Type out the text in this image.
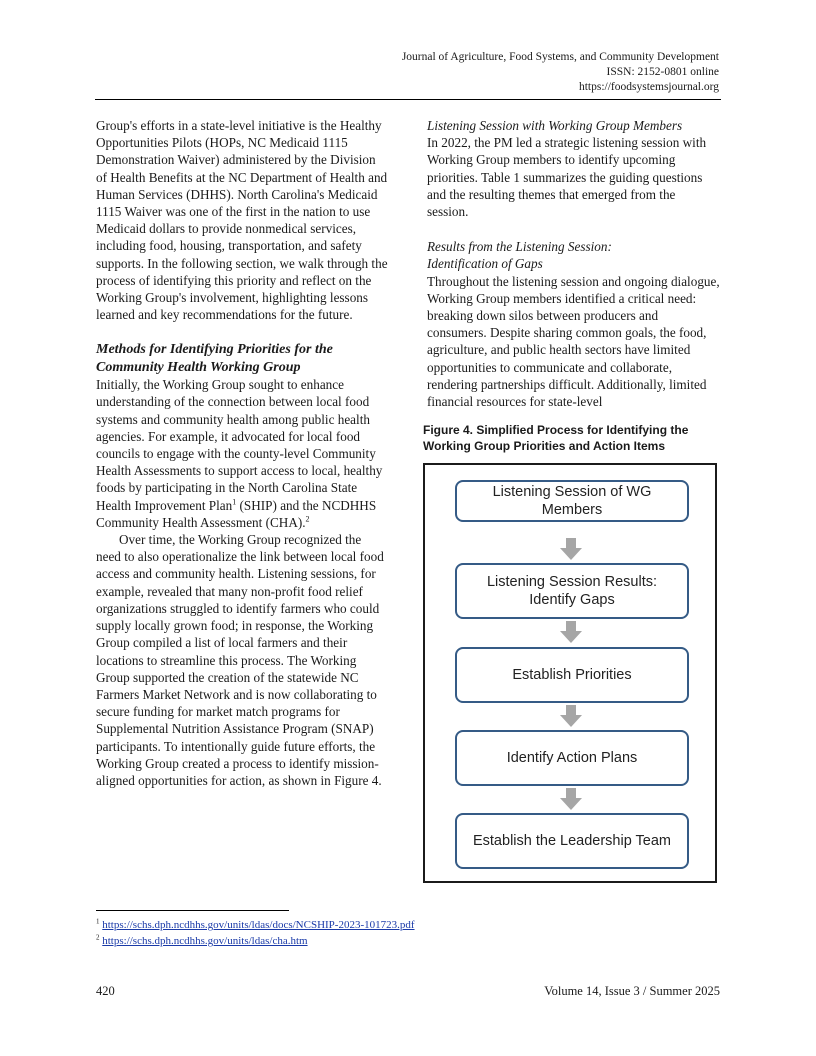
Journal of Agriculture, Food Systems, and Community Development
ISSN: 2152-0801 online
https://foodsystemsjournal.org

Group's efforts in a state-level initiative is the Healthy Opportunities Pilots (HOPs, NC Medicaid 1115 Demonstration Waiver) administered by the Division of Health Benefits at the NC Department of Health and Human Services (DHHS). North Carolina's Medicaid 1115 Waiver was one of the first in the nation to use Medicaid dollars to provide nonmedical services, including food, housing, transportation, and safety supports. In the following section, we walk through the process of identifying this priority and reflect on the Working Group's involvement, highlighting lessons learned and key recommendations for the future.

Methods for Identifying Priorities for the Community Health Working Group

Initially, the Working Group sought to enhance understanding of the connection between local food systems and community health among public health agencies. For example, it advocated for local food councils to engage with the county-level Community Health Assessments to support access to local, healthy foods by participating in the North Carolina State Health Improvement Plan$^1$ (SHIP) and the NCDHHS Community Health Assessment (CHA).$^2$

Over time, the Working Group recognized the need to also operationalize the link between local food access and community health. Listening sessions, for example, revealed that many non-profit food relief organizations struggled to identify farmers who could supply locally grown food; in response, the Working Group compiled a list of local farmers and their locations to streamline this process. The Working Group supported the creation of the statewide NC Farmers Market Network and is now collaborating to secure funding for market match programs for Supplemental Nutrition Assistance Program (SNAP) participants. To intentionally guide future efforts, the Working Group created a process to identify mission-aligned opportunities for action, as shown in Figure 4.

Listening Session with Working Group Members

In 2022, the PM led a strategic listening session with Working Group members to identify upcoming priorities. Table 1 summarizes the guiding questions and the resulting themes that emerged from the session.

Results from the Listening Session:

Identification of Gaps

Throughout the listening session and ongoing dialogue, Working Group members identified a critical need: breaking down silos between producers and consumers. Despite sharing common goals, the food, agriculture, and public health sectors have limited opportunities to communicate and collaborate, rendering partnerships difficult. Additionally, limited financial resources for state-level

Figure 4. Simplified Process for Identifying the Working Group Priorities and Action Items
Listening Session of WG Members
Listening Session Results: Identify Gaps
Establish Priorities
Identify Action Plans
Establish the Leadership Team
$^1$ https://schs.dph.ncdhhs.gov/units/ldas/docs/NCSHIP-2023-101723.pdf
$^2$ https://schs.dph.ncdhhs.gov/units/ldas/cha.htm
420	Volume 14, Issue 3 / Summer 2025
